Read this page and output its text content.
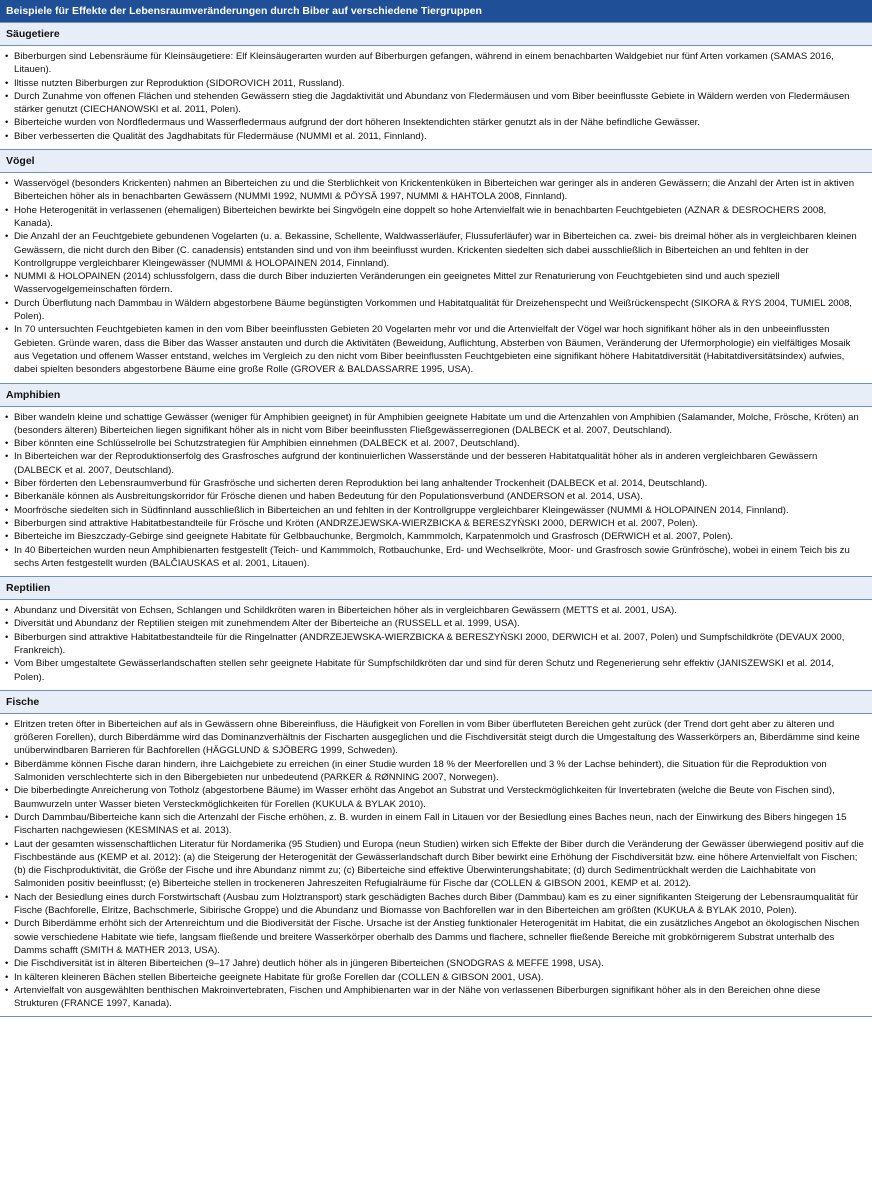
Beispiele für Effekte der Lebensraumveränderungen durch Biber auf verschiedene Tiergruppen
Säugetiere
• Biberburgen sind Lebensräume für Kleinsäugetiere: Elf Kleinsäugerarten wurden auf Biberburgen gefangen, während in einem benachbarten Waldgebiet nur fünf Arten vorkamen (SAMAS 2016, Litauen).
• Iltisse nutzten Biberburgen zur Reproduktion (SIDOROVICH 2011, Russland).
• Durch Zunahme von offenen Flächen und stehenden Gewässern stieg die Jagdaktivität und Abundanz von Fledermäusen und vom Biber beeinflusste Gebiete in Wäldern werden von Fledermäusen stärker genutzt (CIECHANOWSKI et al. 2011, Polen).
• Biberteiche wurden von Nordfledermaus und Wasserfledermaus aufgrund der dort höheren Insektendichten stärker genutzt als in der Nähe befindliche Gewässer.
• Biber verbesserten die Qualität des Jagdhabitats für Fledermäuse (NUMMI et al. 2011, Finnland).
Vögel
• Wasservögel (besonders Krickenten) nahmen an Biberteichen zu und die Sterblichkeit von Krickentenküken in Biberteichen war geringer als in anderen Gewässern; die Anzahl der Arten ist in aktiven Biberteichen höher als in benachbarten Gewässern (NUMMI 1992, NUMMI & PÖYSÄ 1997, NUMMI & HAHTOLA 2008, Finnland).
• Hohe Heterogenität in verlassenen (ehemaligen) Biberteichen bewirkte bei Singvögeln eine doppelt so hohe Artenvielfalt wie in benachbarten Feuchtgebieten (AZNAR & DESROCHERS 2008, Kanada).
• Die Anzahl der an Feuchtgebiete gebundenen Vogelarten (u. a. Bekassine, Schellente, Waldwasserläufer, Flussuferläufer) war in Biberteichen ca. zwei- bis dreimal höher als in vergleichbaren kleinen Gewässern, die nicht durch den Biber (C. canadensis) entstanden sind und von ihm beeinflusst wurden. Krickenten siedelten sich dabei ausschließlich in Biberteichen an und fehlten in der Kontrollgruppe vergleichbarer Kleingewässer (NUMMI & HOLOPAINEN 2014, Finnland).
• NUMMI & HOLOPAINEN (2014) schlussfolgern, dass die durch Biber induzierten Veränderungen ein geeignetes Mittel zur Renaturierung von Feuchtgebieten sind und auch speziell Wasservogelgemeinschaften fördern.
• Durch Überflutung nach Dammbau in Wäldern abgestorbene Bäume begünstigten Vorkommen und Habitatqualität für Dreizehenspecht und Weißrückenspecht (SIKORA & RYS 2004, TUMIEL 2008, Polen).
• In 70 untersuchten Feuchtgebieten kamen in den vom Biber beeinflussten Gebieten 20 Vogelarten mehr vor und die Artenvielfalt der Vögel war hoch signifikant höher als in den unbeeinflussten Gebieten. Gründe waren, dass die Biber das Wasser anstauten und durch die Aktivitäten (Beweidung, Auflichtung, Absterben von Bäumen, Veränderung der Ufermorphologie) ein vielfältiges Mosaik aus Vegetation und offenem Wasser entstand, welches im Vergleich zu den nicht vom Biber beeinflussten Feuchtgebieten eine signifikant höhere Habitatdiversität (Habitatdiversitätsindex) aufwies, dabei spielten besonders abgestorbene Bäume eine große Rolle (GROVER & BALDASSARRE 1995, USA).
Amphibien
• Biber wandeln kleine und schattige Gewässer (weniger für Amphibien geeignet) in für Amphibien geeignete Habitate um und die Artenzahlen von Amphibien (Salamander, Molche, Frösche, Kröten) an (besonders älteren) Biberteichen liegen signifikant höher als in nicht vom Biber beeinflussten Fließgewässerregionen (DALBECK et al. 2007, Deutschland).
• Biber könnten eine Schlüsselrolle bei Schutzstrategien für Amphibien einnehmen (DALBECK et al. 2007, Deutschland).
• In Biberteichen war der Reproduktionserfolg des Grasfrosches aufgrund der kontinuierlichen Wasserstände und der besseren Habitatqualität höher als in anderen vergleichbaren Gewässern (DALBECK et al. 2007, Deutschland).
• Biber förderten den Lebensraumverbund für Grasfrösche und sicherten deren Reproduktion bei lang anhaltender Trockenheit (DALBECK et al. 2014, Deutschland).
• Biberkanäle können als Ausbreitungskorridor für Frösche dienen und haben Bedeutung für den Populationsverbund (ANDERSON et al. 2014, USA).
• Moorfrösche siedelten sich in Südfinnland ausschließlich in Biberteichen an und fehlten in der Kontrollgruppe vergleichbarer Kleingewässer (NUMMI & HOLOPAINEN 2014, Finnland).
• Biberburgen sind attraktive Habitatbestandteile für Frösche und Kröten (ANDRZEJEWSKA-WIERZBICKA & BERESZYŃSKI 2000, DERWICH et al. 2007, Polen).
• Biberteiche im Bieszczady-Gebirge sind geeignete Habitate für Gelbbauchunke, Bergmolch, Kammmolch, Karpatenmolch und Grasfrosch (DERWICH et al. 2007, Polen).
• In 40 Biberteichen wurden neun Amphibienarten festgestellt (Teich- und Kammmolch, Rotbauchunke, Erd- und Wechselkröte, Moor- und Grasfrosch sowie Grünfrösche), wobei in einem Teich bis zu sechs Arten festgestellt wurden (BALČIAUSKAS et al. 2001, Litauen).
Reptilien
• Abundanz und Diversität von Echsen, Schlangen und Schildkröten waren in Biberteichen höher als in vergleichbaren Gewässern (METTS et al. 2001, USA).
• Diversität und Abundanz der Reptilien steigen mit zunehmendem Alter der Biberteiche an (RUSSELL et al. 1999, USA).
• Biberburgen sind attraktive Habitatbestandteile für die Ringelnatter (ANDRZEJEWSKA-WIERZBICKA & BERESZYŃSKI 2000, DERWICH et al. 2007, Polen) und Sumpfschildkröte (DEVAUX 2000, Frankreich).
• Vom Biber umgestaltete Gewässerlandschaften stellen sehr geeignete Habitate für Sumpfschildkröten dar und sind für deren Schutz und Regenerierung sehr effektiv (JANISZEWSKI et al. 2014, Polen).
Fische
• Elritzen treten öfter in Biberteichen auf als in Gewässern ohne Bibereinfluss, die Häufigkeit von Forellen in vom Biber überfluteten Bereichen geht zurück (der Trend dort geht aber zu älteren und größeren Forellen), durch Biberdämme wird das Dominanzverhältnis der Fischarten ausgeglichen und die Fischdiversität steigt durch die Umgestaltung des Wasserkörpers an, Biberdämme sind keine unüberwindbaren Barrieren für Bachforellen (HÄGGLUND & SJÖBERG 1999, Schweden).
• Biberdämme können Fische daran hindern, ihre Laichgebiete zu erreichen (in einer Studie wurden 18 % der Meerforellen und 3 % der Lachse behindert), die Situation für die Reproduktion von Salmoniden verschlechterte sich in den Bibergebieten nur unbedeutend (PARKER & RØNNING 2007, Norwegen).
• Die biberbedingte Anreicherung von Totholz (abgestorbene Bäume) im Wasser erhöht das Angebot an Substrat und Versteckmöglichkeiten für Invertebraten (welche die Beute von Fischen sind), Baumwurzeln unter Wasser bieten Versteckmöglichkeiten für Forellen (KUKULA & BYLAK 2010).
• Durch Dammbau/Biberteiche kann sich die Artenzahl der Fische erhöhen, z. B. wurden in einem Fall in Litauen vor der Besiedlung eines Baches neun, nach der Einwirkung des Bibers hingegen 15 Fischarten nachgewiesen (KESMINAS et al. 2013).
• Laut der gesamten wissenschaftlichen Literatur für Nordamerika (95 Studien) und Europa (neun Studien) wirken sich Effekte der Biber durch die Veränderung der Gewässer überwiegend positiv auf die Fischbestände aus (KEMP et al. 2012): (a) die Steigerung der Heterogenität der Gewässerlandschaft durch Biber bewirkt eine Erhöhung der Fischdiversität bzw. eine höhere Artenvielfalt von Fischen; (b) die Fischproduktivität, die Größe der Fische und ihre Abundanz nimmt zu; (c) Biberteiche sind effektive Überwinterungshabitate; (d) durch Sedimentrückhalt werden die Laichhabitate von Salmoniden positiv beeinflusst; (e) Biberteiche stellen in trockeneren Jahreszeiten Refugialräume für Fische dar (COLLEN & GIBSON 2001, KEMP et al. 2012).
• Nach der Besiedlung eines durch Forstwirtschaft (Ausbau zum Holztransport) stark geschädigten Baches durch Biber (Dammbau) kam es zu einer signifikanten Steigerung der Lebensraumqualität für Fische (Bachforelle, Elritze, Bachschmerle, Sibirische Groppe) und die Abundanz und Biomasse von Bachforellen war in den Biberteichen am größten (KUKUŁA & BYLAK 2010, Polen).
• Durch Biberdämme erhöht sich der Artenreichtum und die Biodiversität der Fische. Ursache ist der Anstieg funktionaler Heterogenität im Habitat, die ein zusätzliches Angebot an ökologischen Nischen sowie verschiedene Habitate wie tiefe, langsam fließende und breitere Wasserkörper oberhalb des Damms und flachere, schneller fließende Bereiche mit grobkörnigerem Substrat unterhalb des Damms schafft (SMITH & MATHER 2013, USA).
• Die Fischdiversität ist in älteren Biberteichen (9–17 Jahre) deutlich höher als in jüngeren Biberteichen (SNODGRAS & MEFFE 1998, USA).
• In kälteren kleineren Bächen stellen Biberteiche geeignete Habitate für große Forellen dar (COLLEN & GIBSON 2001, USA).
• Artenvielfalt von ausgewählten benthischen Makroinvertebraten, Fischen und Amphibienarten war in der Nähe von verlassenen Biberburgen signifikant höher als in den Bereichen ohne diese Strukturen (FRANCE 1997, Kanada).
